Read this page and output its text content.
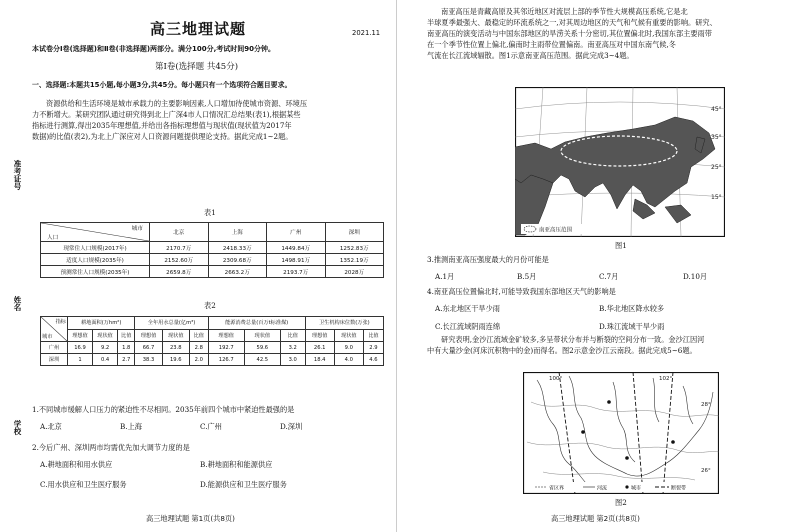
高三地理试题	2021.11
本试卷分Ⅰ卷(选择题)和Ⅱ卷(非选择题)两部分。满分100分,考试时间90分钟。
第Ⅰ卷(选择题 共45分)
一、选择题:本题共15小题,每小题3分,共45分。每小题只有一个选项符合题目要求。
资源供给和生活环境是城市承载力的主要影响因素,人口增加待使城市资源、环境压
力不断增大。某研究团队通过研究得到北上广深4市人口情况汇总结果(表1),根据某些
指标进行测算,得出2035年理想值,并给出各指标理想值与现状值(现状值为2017年
数据)的比值(表2),为北上广深应对人口资源问题提供理论支持。据此完成1~2题。
准考证号
姓名
学校
表1
城市
人口	北京	上海	广州	深圳
现常住人口规模(2017年)	2170.7万	2418.33万	1449.84万	1252.83万
适度人口规模(2035年)	2152.60万	2309.68万	1498.91万	1352.19万
预测常住人口规模(2035年)	2659.8万	2663.2万	2193.7万	2028万
表2
指标
城市	耕地面积(万hm²)			全年用水总量(亿m³)			能源消费总量(百万t标准煤)			卫生机构床位数(万张)		
	理想值	现状值	比值	理想值	现状值	比值	理想值	现状值	比值	理想值	现状值	比值
广州	16.9	9.2	1.8	66.7	23.8	2.8	192.7	59.6	3.2	26.1	9.0	2.9
深圳	1	0.4	2.7	38.3	19.6	2.0	126.7	42.5	3.0	18.4	4.0	4.6
1.不同城市缓解人口压力的紧迫性不尽相同。2035年前四个城市中紧迫性最强的是
A.北京	B.上海	C.广州	D.深圳
2.今后广州、深圳两市均需优先加大调节力度的是
A.耕地面积和用水供应	B.耕地面积和能源供应
C.用水供应和卫生医疗服务	D.能源供应和卫生医疗服务
高三地理试题 第1页(共8页)
南亚高压是青藏高原及其邻近地区对流层上部的季节性大规模高压系统,它是北
半球夏季最强大、最稳定的环流系统之一,对其周边地区的天气和气候有重要的影响。研究、
南亚高压的演变活动与中国东部地区的旱涝关系十分密切,其位置偏北时,我国东部主要雨带
在一个季节性位置上偏北,偏南时主雨带位置偏南。南亚高压对中国东南气候,冬
气流在长江流域辐散。图1示意南亚高压范围。据此完成3~4题。
45°
35°
25°
15°
南亚高压范围
图1
3.推测南亚高压强度最大的月份可能是
A.1月	B.5月	C.7月	D.10月
4.南亚高压位置偏北时,可能导致我国东部地区天气的影响是
A.东北地区干旱少雨	B.华北地区降水较多
C.长江流域阴雨连绵	D.珠江流域干旱少雨
研究表明,金沙江流域金矿较多,多呈带状分布并与断裂的空间分布一致。金沙江因河
中有大量沙金(河床沉积物中的金)而得名。图2示意金沙江云南段。据此完成5~6题。
100°	102°
28°
26°
省区界	河流	城市	断裂带
图2
高三地理试题 第2页(共8页)
